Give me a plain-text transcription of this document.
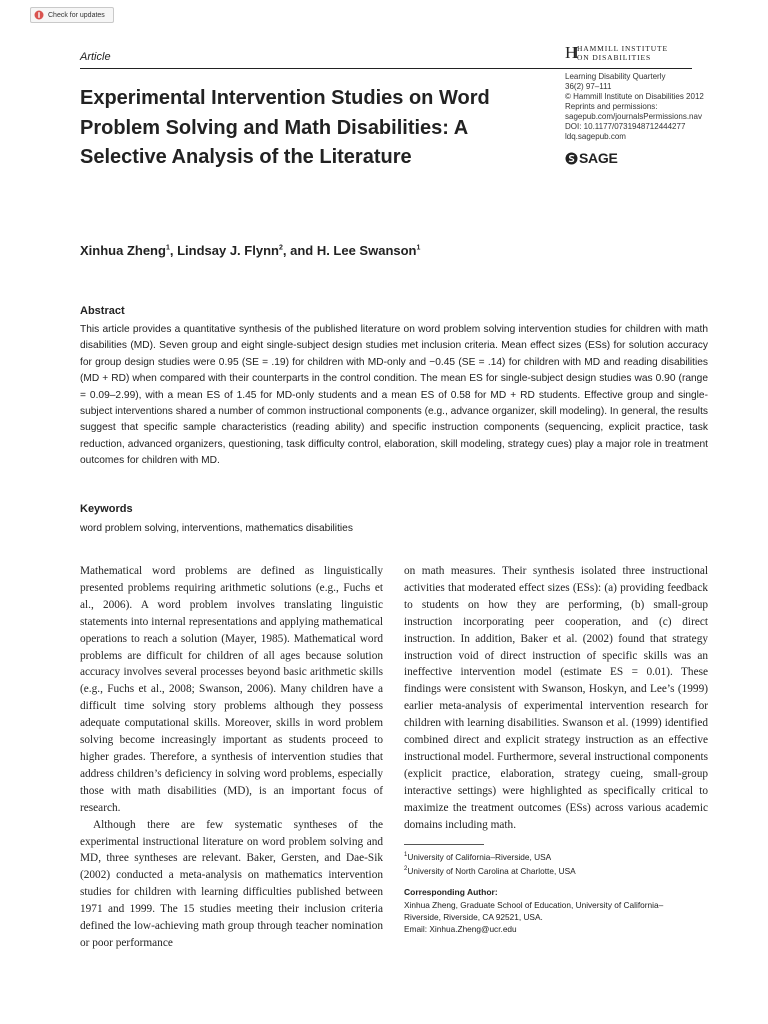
Check for updates
Article	HI HAMMILL INSTITUTE
ON DISABILITIES
Learning Disability Quarterly
36(2) 97–111
© Hammill Institute on Disabilities 2012
Reprints and permissions:
sagepub.com/journalsPermissions.nav
DOI: 10.1177/0731948712444277
ldq.sagepub.com
SAGE
Experimental Intervention Studies on Word Problem Solving and Math Disabilities: A Selective Analysis of the Literature
Xinhua Zheng$^1$, Lindsay J. Flynn$^2$, and H. Lee Swanson$^1$
Abstract
This article provides a quantitative synthesis of the published literature on word problem solving intervention studies for children with math disabilities (MD). Seven group and eight single-subject design studies met inclusion criteria. Mean effect sizes (ESs) for solution accuracy for group design studies were 0.95 (SE = .19) for children with MD-only and −0.45 (SE = .14) for children with MD and reading disabilities (MD + RD) when compared with their counterparts in the control condition. The mean ES for single-subject design studies was 0.90 (range = 0.09–2.99), with a mean ES of 1.45 for MD-only students and a mean ES of 0.58 for MD + RD students. Effective group and single-subject interventions shared a number of common instructional components (e.g., advance organizer, skill modeling). In general, the results suggest that specific sample characteristics (reading ability) and specific instruction components (sequencing, explicit practice, task reduction, advanced organizers, questioning, task difficulty control, elaboration, skill modeling, strategy cues) play a major role in treatment outcomes for children with MD.
Keywords
word problem solving, interventions, mathematics disabilities

Mathematical word problems are defined as linguistically presented problems requiring arithmetic solutions (e.g., Fuchs et al., 2006). A word problem involves translating linguistic statements into internal representations and applying mathematical operations to reach a solution (Mayer, 1985). Mathematical word problems are difficult for children of all ages because solution accuracy involves several processes beyond basic arithmetic skills (e.g., Fuchs et al., 2008; Swanson, 2006). Many children have a difficult time solving story problems although they possess adequate computational skills. Moreover, skills in word problem solving become increasingly important as students proceed to higher grades. Therefore, a synthesis of intervention studies that address children’s deficiency in solving word problems, especially those with math disabilities (MD), is an important focus of research.

Although there are few systematic syntheses of the experimental instructional literature on word problem solving and MD, three syntheses are relevant. Baker, Gersten, and Dae-Sik (2002) conducted a meta-analysis on mathematics intervention studies for children with learning difficulties published between 1971 and 1999. The 15 studies meeting their inclusion criteria defined the low-achieving math group through teacher nomination or poor performance

on math measures. Their synthesis isolated three instructional activities that moderated effect sizes (ESs): (a) providing feedback to students on how they are performing, (b) small-group instruction incorporating peer cooperation, and (c) direct instruction. In addition, Baker et al. (2002) found that strategy instruction void of direct instruction of specific skills was an ineffective intervention model (estimate ES = 0.01). These findings were consistent with Swanson, Hoskyn, and Lee’s (1999) earlier meta-analysis of experimental intervention research for children with learning disabilities. Swanson et al. (1999) identified combined direct and explicit strategy instruction as an effective instructional model. Furthermore, several instructional components (explicit practice, elaboration, strategy cueing, small-group interactive settings) were highlighted as specifically critical to maximize the treatment outcomes (ESs) across various academic domains including math.

$^1$University of California–Riverside, USA
$^2$University of North Carolina at Charlotte, USA
Corresponding Author:
Xinhua Zheng, Graduate School of Education, University of California–
Riverside, Riverside, CA 92521, USA.
Email: Xinhua.Zheng@ucr.edu
